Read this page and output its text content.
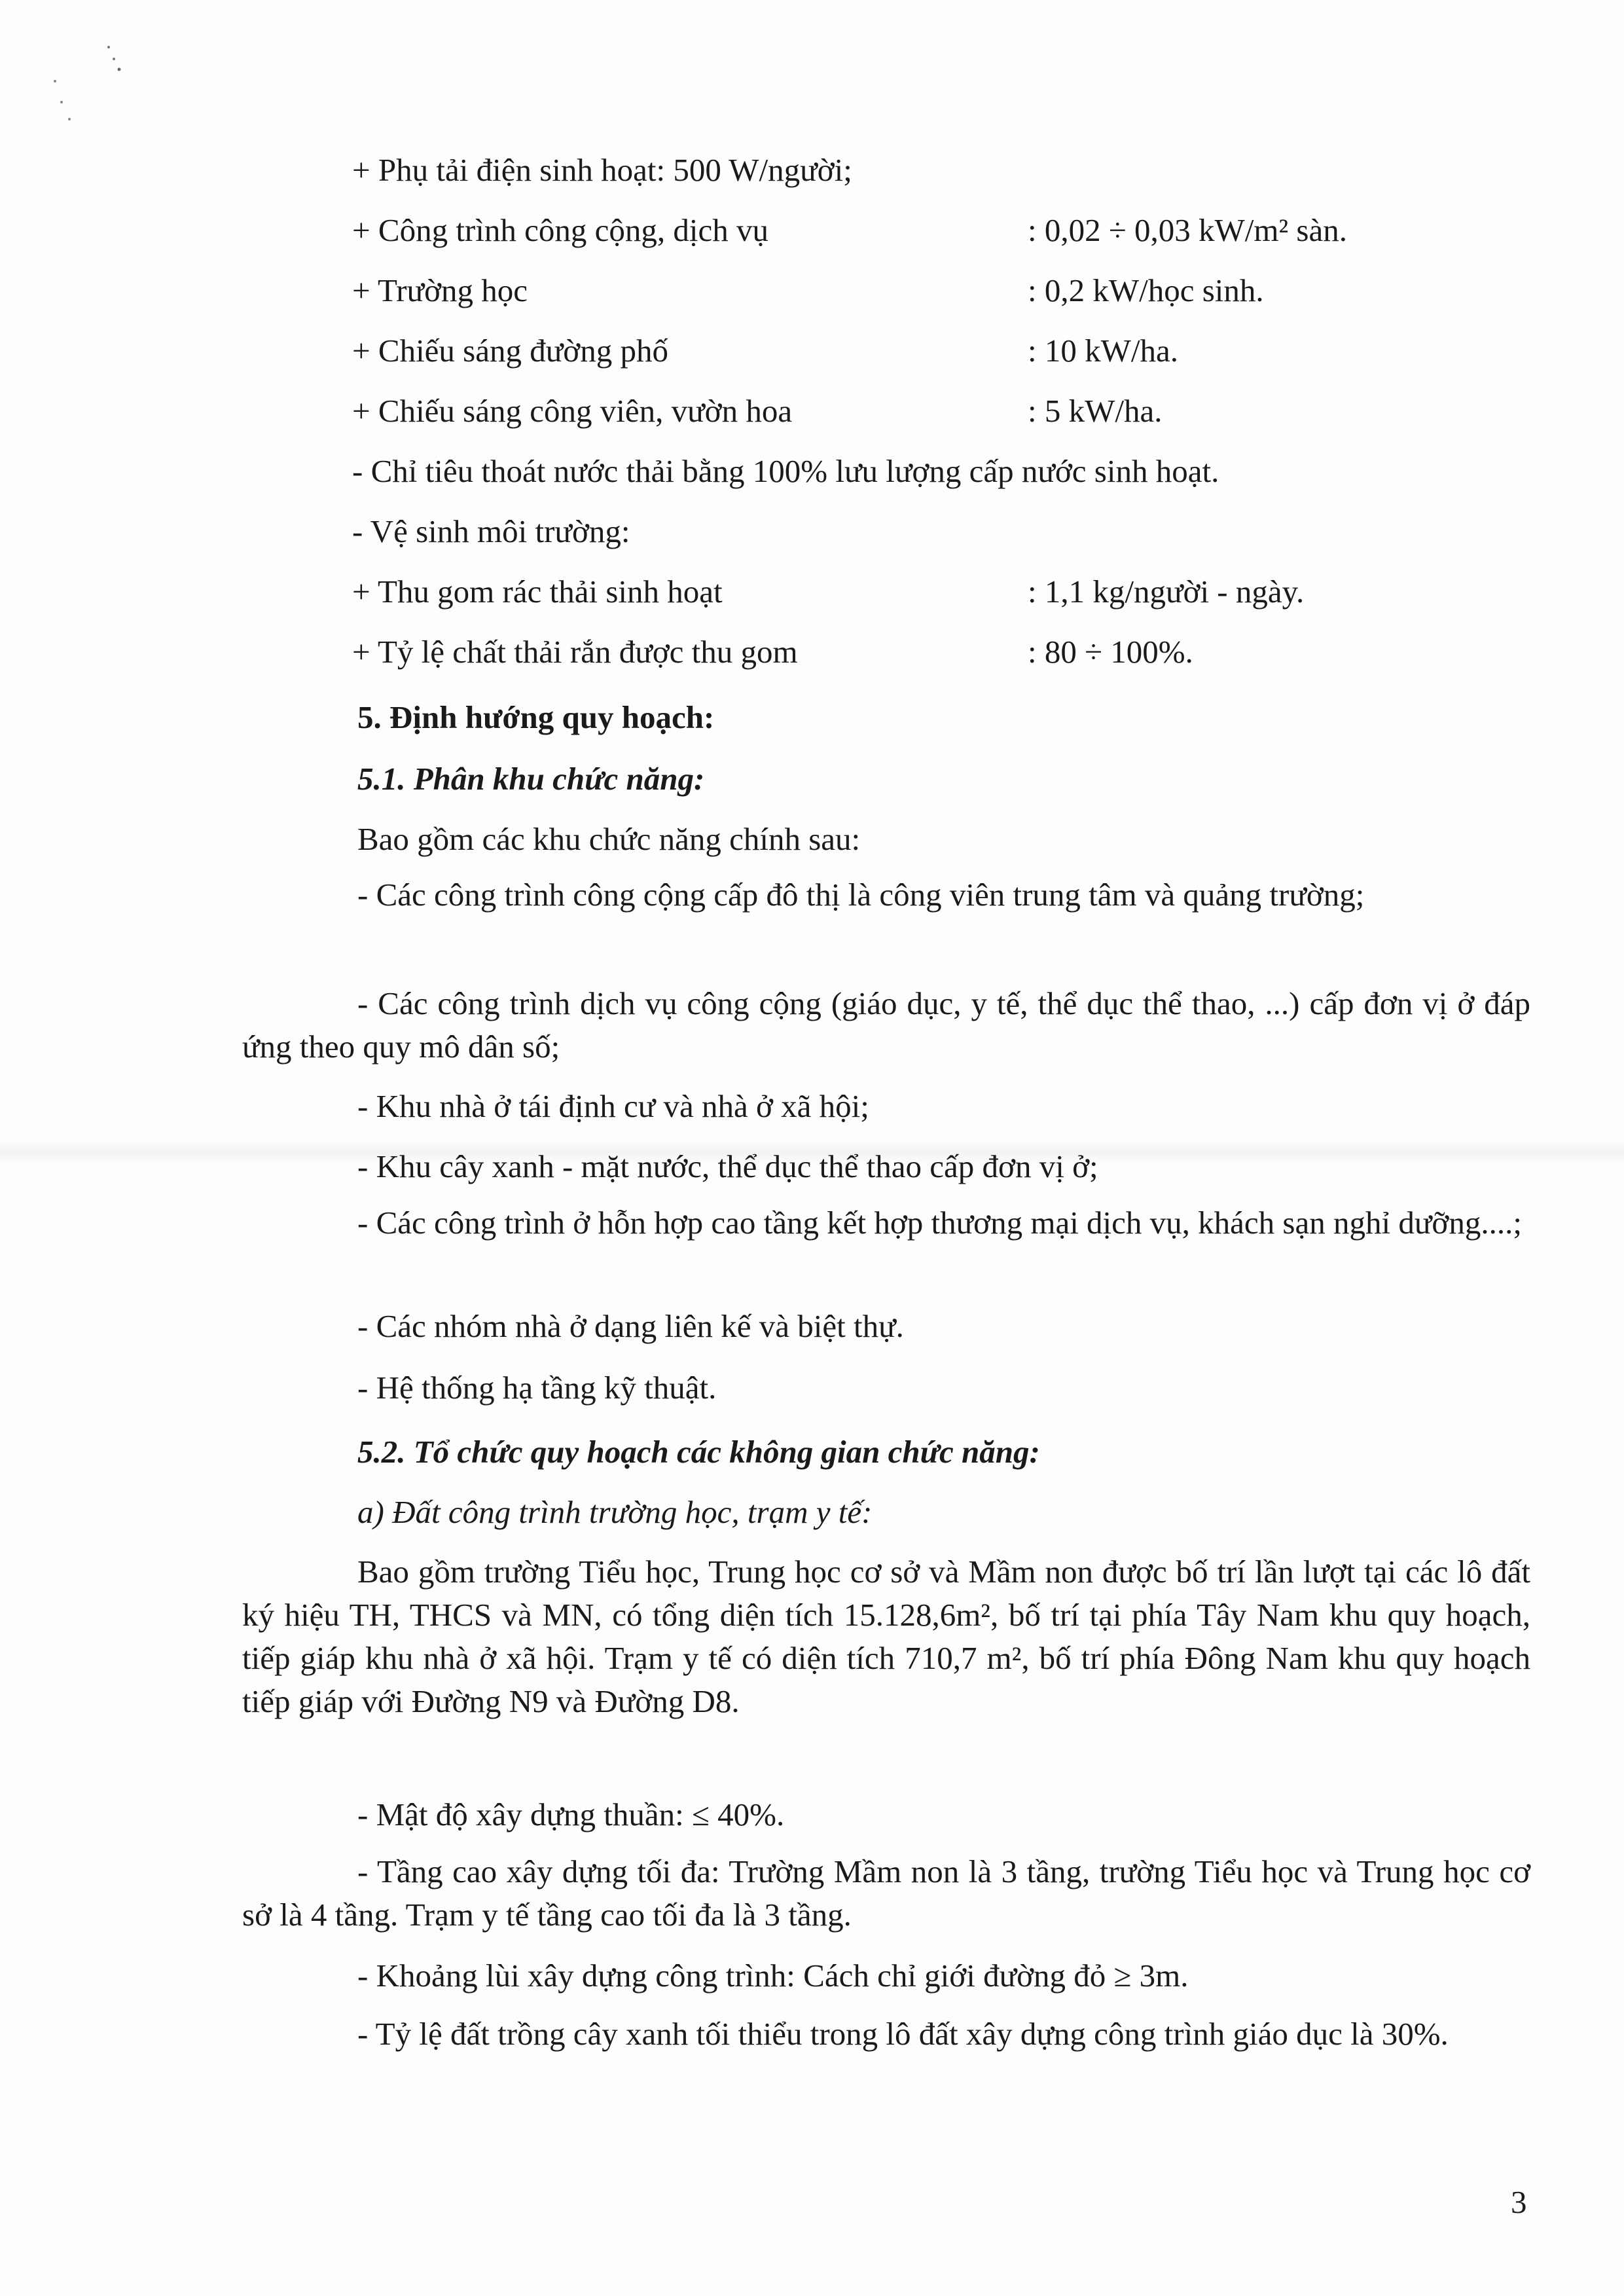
+ Phụ tải điện sinh hoạt: 500 W/người;
+ Công trình công cộng, dịch vụ	: 0,02 ÷ 0,03 kW/m² sàn.
+ Trường học	: 0,2 kW/học sinh.
+ Chiếu sáng đường phố	: 10 kW/ha.
+ Chiếu sáng công viên, vườn hoa	: 5 kW/ha.
- Chỉ tiêu thoát nước thải bằng 100% lưu lượng cấp nước sinh hoạt.
- Vệ sinh môi trường:
+ Thu gom rác thải sinh hoạt	: 1,1 kg/người - ngày.
+ Tỷ lệ chất thải rắn được thu gom	: 80 ÷ 100%.
5. Định hướng quy hoạch:
5.1. Phân khu chức năng:
Bao gồm các khu chức năng chính sau:
- Các công trình công cộng cấp đô thị là công viên trung tâm và quảng trường;
- Các công trình dịch vụ công cộng (giáo dục, y tế, thể dục thể thao, ...) cấp đơn vị ở đáp ứng theo quy mô dân số;
- Khu nhà ở tái định cư và nhà ở xã hội;
- Khu cây xanh - mặt nước, thể dục thể thao cấp đơn vị ở;
- Các công trình ở hỗn hợp cao tầng kết hợp thương mại dịch vụ, khách sạn nghỉ dưỡng....;
- Các nhóm nhà ở dạng liên kế và biệt thự.
- Hệ thống hạ tầng kỹ thuật.
5.2. Tổ chức quy hoạch các không gian chức năng:
a) Đất công trình trường học, trạm y tế:
Bao gồm trường Tiểu học, Trung học cơ sở và Mầm non được bố trí lần lượt tại các lô đất ký hiệu TH, THCS và MN, có tổng diện tích 15.128,6m², bố trí tại phía Tây Nam khu quy hoạch, tiếp giáp khu nhà ở xã hội. Trạm y tế có diện tích 710,7 m², bố trí phía Đông Nam khu quy hoạch tiếp giáp với Đường N9 và Đường D8.
- Mật độ xây dựng thuần: ≤ 40%.
- Tầng cao xây dựng tối đa: Trường Mầm non là 3 tầng, trường Tiểu học và Trung học cơ sở là 4 tầng. Trạm y tế tầng cao tối đa là 3 tầng.
- Khoảng lùi xây dựng công trình: Cách chỉ giới đường đỏ ≥ 3m.
- Tỷ lệ đất trồng cây xanh tối thiểu trong lô đất xây dựng công trình giáo dục là 30%.
3
